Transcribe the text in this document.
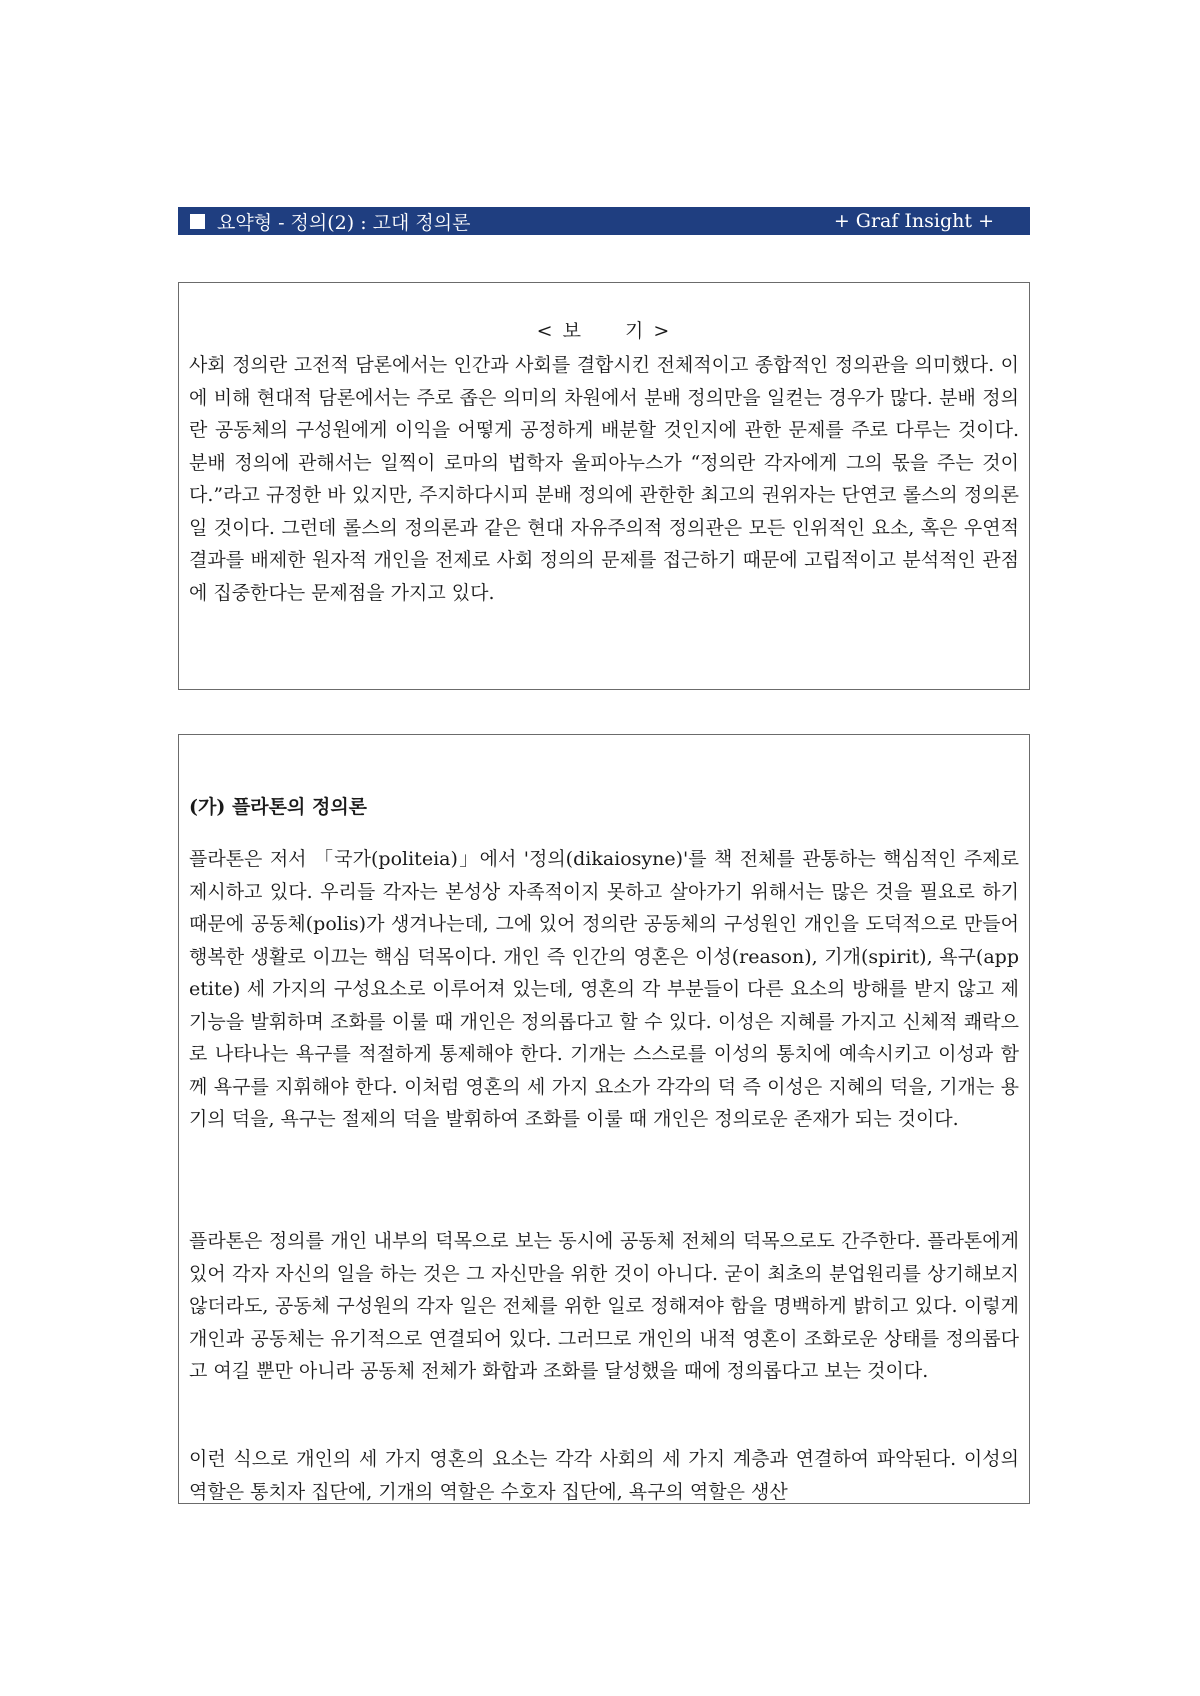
요약형 - 정의(2) : 고대 정의론	+ Graf Insight +
< 보　　기 >

사회 정의란 고전적 담론에서는 인간과 사회를 결합시킨 전체적이고 종합적인 정의관을 의미했다. 이에 비해 현대적 담론에서는 주로 좁은 의미의 차원에서 분배 정의만을 일컫는 경우가 많다. 분배 정의란 공동체의 구성원에게 이익을 어떻게 공정하게 배분할 것인지에 관한 문제를 주로 다루는 것이다. 분배 정의에 관해서는 일찍이 로마의 법학자 울피아누스가 “정의란 각자에게 그의 몫을 주는 것이다.”라고 규정한 바 있지만, 주지하다시피 분배 정의에 관한한 최고의 권위자는 단연코 롤스의 정의론일 것이다. 그런데 롤스의 정의론과 같은 현대 자유주의적 정의관은 모든 인위적인 요소, 혹은 우연적 결과를 배제한 원자적 개인을 전제로 사회 정의의 문제를 접근하기 때문에 고립적이고 분석적인 관점에 집중한다는 문제점을 가지고 있다.

(가) 플라톤의 정의론

플라톤은 저서 「국가(politeia)」에서 '정의(dikaiosyne)'를 책 전체를 관통하는 핵심적인 주제로 제시하고 있다. 우리들 각자는 본성상 자족적이지 못하고 살아가기 위해서는 많은 것을 필요로 하기 때문에 공동체(polis)가 생겨나는데, 그에 있어 정의란 공동체의 구성원인 개인을 도덕적으로 만들어 행복한 생활로 이끄는 핵심 덕목이다. 개인 즉 인간의 영혼은 이성(reason), 기개(spirit), 욕구(appetite) 세 가지의 구성요소로 이루어져 있는데, 영혼의 각 부분들이 다른 요소의 방해를 받지 않고 제 기능을 발휘하며 조화를 이룰 때 개인은 정의롭다고 할 수 있다. 이성은 지혜를 가지고 신체적 쾌락으로 나타나는 욕구를 적절하게 통제해야 한다. 기개는 스스로를 이성의 통치에 예속시키고 이성과 함께 욕구를 지휘해야 한다. 이처럼 영혼의 세 가지 요소가 각각의 덕 즉 이성은 지혜의 덕을, 기개는 용기의 덕을, 욕구는 절제의 덕을 발휘하여 조화를 이룰 때 개인은 정의로운 존재가 되는 것이다.

플라톤은 정의를 개인 내부의 덕목으로 보는 동시에 공동체 전체의 덕목으로도 간주한다. 플라톤에게 있어 각자 자신의 일을 하는 것은 그 자신만을 위한 것이 아니다. 굳이 최초의 분업원리를 상기해보지 않더라도, 공동체 구성원의 각자 일은 전체를 위한 일로 정해져야 함을 명백하게 밝히고 있다. 이렇게 개인과 공동체는 유기적으로 연결되어 있다. 그러므로 개인의 내적 영혼이 조화로운 상태를 정의롭다고 여길 뿐만 아니라 공동체 전체가 화합과 조화를 달성했을 때에 정의롭다고 보는 것이다.

이런 식으로 개인의 세 가지 영혼의 요소는 각각 사회의 세 가지 계층과 연결하여 파악된다. 이성의 역할은 통치자 집단에, 기개의 역할은 수호자 집단에, 욕구의 역할은 생산
